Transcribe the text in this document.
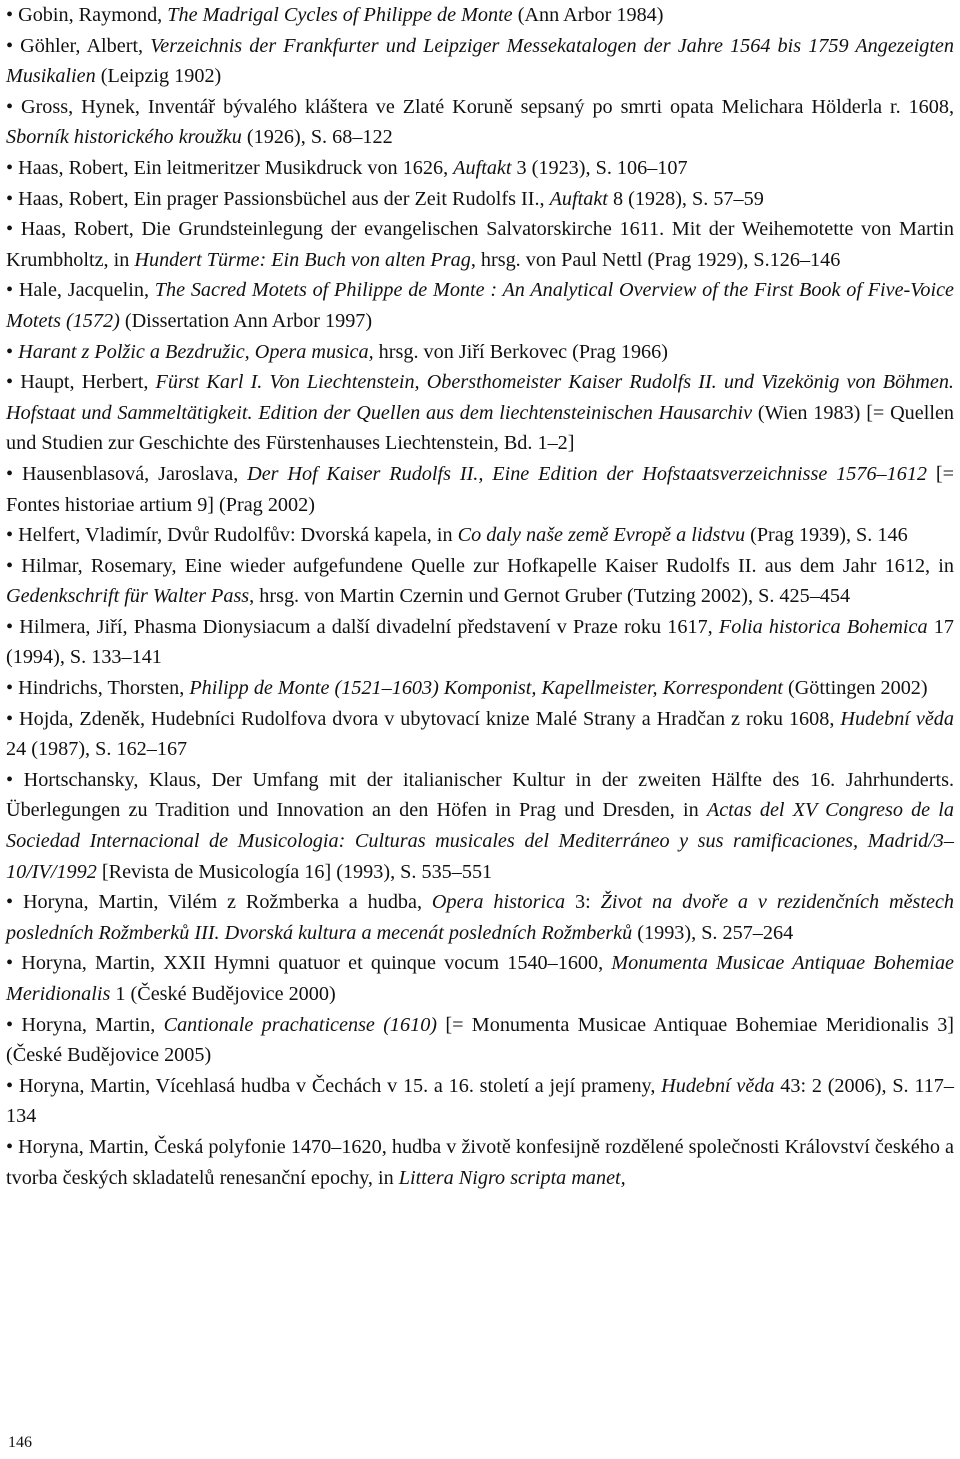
• Gobin, Raymond, The Madrigal Cycles of Philippe de Monte (Ann Arbor 1984)

• Göhler, Albert, Verzeichnis der Frankfurter und Leipziger Messekatalogen der Jahre 1564 bis 1759 Angezeigten Musikalien (Leipzig 1902)

• Gross, Hynek, Inventář bývalého kláštera ve Zlaté Koruně sepsaný po smrti opata Melichara Hölderla r. 1608, Sborník historického kroužku (1926), S. 68–122

• Haas, Robert, Ein leitmeritzer Musikdruck von 1626, Auftakt 3 (1923), S. 106–107

• Haas, Robert, Ein prager Passionsbüchel aus der Zeit Rudolfs II., Auftakt 8 (1928), S. 57–59

• Haas, Robert, Die Grundsteinlegung der evangelischen Salvatorskirche 1611. Mit der Weihemotette von Martin Krumbholtz, in Hundert Türme: Ein Buch von alten Prag, hrsg. von Paul Nettl (Prag 1929), S.126–146

• Hale, Jacquelin, The Sacred Motets of Philippe de Monte : An Analytical Overview of the First Book of Five-Voice Motets (1572) (Dissertation Ann Arbor 1997)

• Harant z Polžic a Bezdružic, Opera musica, hrsg. von Jiří Berkovec (Prag 1966)

• Haupt, Herbert, Fürst Karl I. Von Liechtenstein, Obersthomeister Kaiser Rudolfs II. und Vizekönig von Böhmen. Hofstaat und Sammeltätigkeit. Edition der Quellen aus dem liechtensteinischen Hausarchiv (Wien 1983) [= Quellen und Studien zur Geschichte des Fürstenhauses Liechtenstein, Bd. 1–2]

• Hausenblasová, Jaroslava, Der Hof Kaiser Rudolfs II., Eine Edition der Hofstaatsverzeichnisse 1576–1612 [= Fontes historiae artium 9] (Prag 2002)

• Helfert, Vladimír, Dvůr Rudolfův: Dvorská kapela, in Co daly naše země Evropě a lidstvu (Prag 1939), S. 146

• Hilmar, Rosemary, Eine wieder aufgefundene Quelle zur Hofkapelle Kaiser Rudolfs II. aus dem Jahr 1612, in Gedenkschrift für Walter Pass, hrsg. von Martin Czernin und Gernot Gruber (Tutzing 2002), S. 425–454

• Hilmera, Jiří, Phasma Dionysiacum a další divadelní představení v Praze roku 1617, Folia historica Bohemica 17 (1994), S. 133–141

• Hindrichs, Thorsten, Philipp de Monte (1521–1603) Komponist, Kapellmeister, Korrespondent (Göttingen 2002)

• Hojda, Zdeněk, Hudebníci Rudolfova dvora v ubytovací knize Malé Strany a Hradčan z roku 1608, Hudební věda 24 (1987), S. 162–167

• Hortschansky, Klaus, Der Umfang mit der italianischer Kultur in der zweiten Hälfte des 16. Jahrhunderts. Überlegungen zu Tradition und Innovation an den Höfen in Prag und Dresden, in Actas del XV Congreso de la Sociedad Internacional de Musicologia: Culturas musicales del Mediterráneo y sus ramificaciones, Madrid/3–10/IV/1992 [Revista de Musicología 16] (1993), S. 535–551

• Horyna, Martin, Vilém z Rožmberka a hudba, Opera historica 3: Život na dvoře a v rezidenčních městech posledních Rožmberků III. Dvorská kultura a mecenát posledních Rožmberků (1993), S. 257–264

• Horyna, Martin, XXII Hymni quatuor et quinque vocum 1540–1600, Monumenta Musicae Antiquae Bohemiae Meridionalis 1 (České Budějovice 2000)

• Horyna, Martin, Cantionale prachaticense (1610) [= Monumenta Musicae Antiquae Bohemiae Meridionalis 3] (České Budějovice 2005)

• Horyna, Martin, Vícehlasá hudba v Čechách v 15. a 16. století a její prameny, Hudební věda 43: 2 (2006), S. 117–134

• Horyna, Martin, Česká polyfonie 1470–1620, hudba v životě konfesijně rozdělené společnosti Království českého a tvorba českých skladatelů renesanční epochy, in Littera Nigro scripta manet,

146
